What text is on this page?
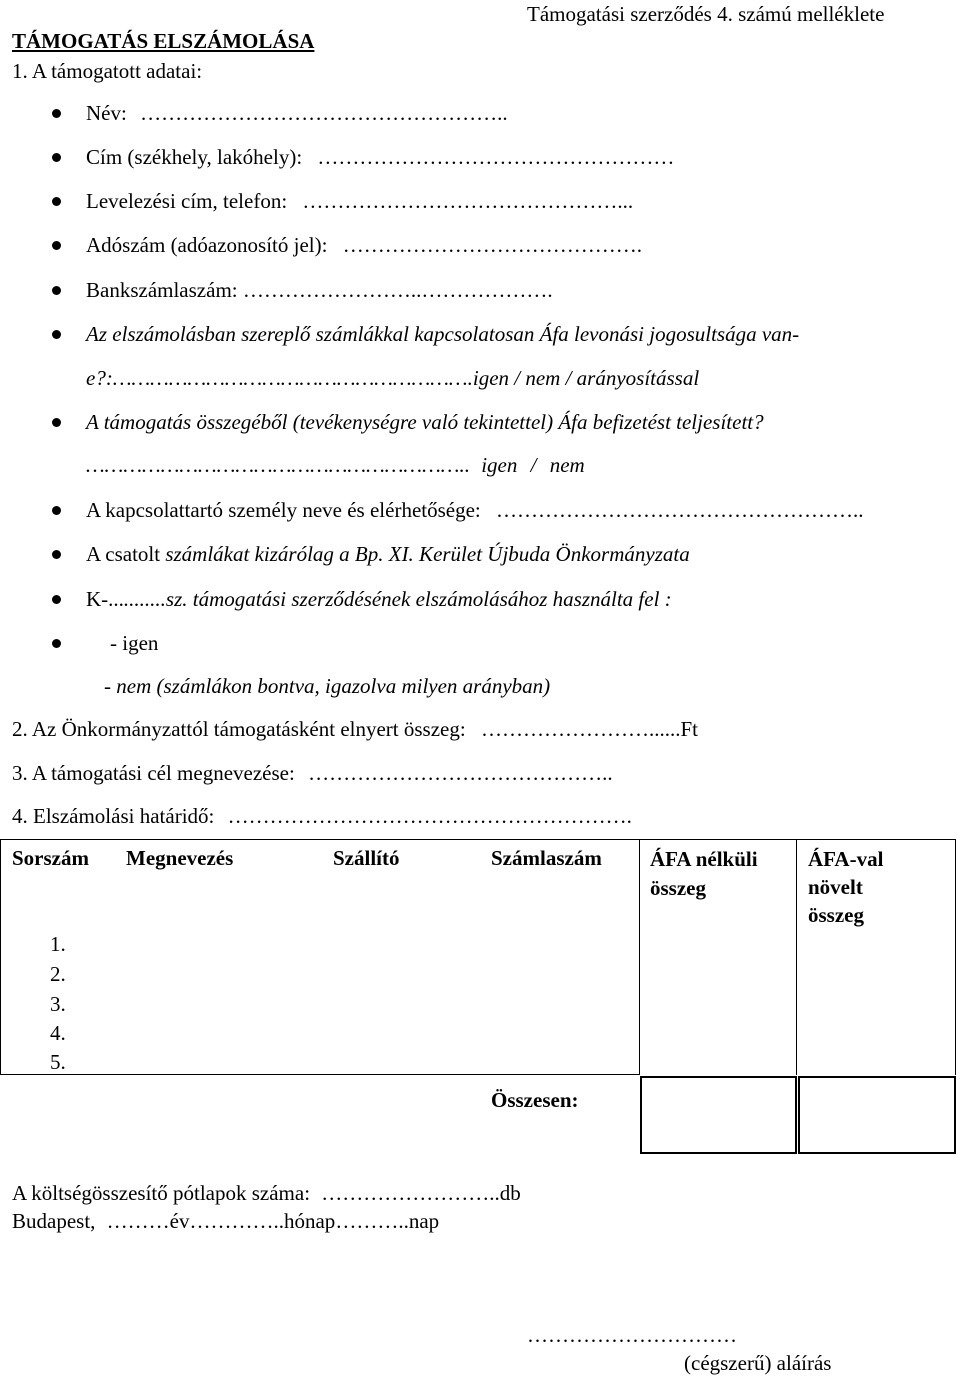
Támogatási szerződés 4. számú melléklete
TÁMOGATÁS ELSZÁMOLÁSA
1. A támogatott adatai:
Név: ……………………………………………..
Cím (székhely, lakóhely): ……………………………………………
Levelezési cím, telefon: ………………………………………...
Adószám (adóazonosító jel): …………………………………….
Bankszámlaszám: ……………………..……………….
Az elszámolásban szereplő számlákkal kapcsolatosan Áfa levonási jogosultsága van-
e?:………………………………………………….igen / nem / arányosítással
A támogatás összegéből (tevékenységre való tekintettel) Áfa befizetést teljesített?
…………………………………………………….. igen / nem
A kapcsolattartó személy neve és elérhetősége: ……………………………………………..
A csatolt számlákat kizárólag a Bp. XI. Kerület Újbuda Önkormányzata
K-...........sz. támogatási szerződésének elszámolásához használta fel :
- igen
- nem (számlákon bontva, igazolva milyen arányban)
2. Az Önkormányzattól támogatásként elnyert összeg: ……………………......Ft
3. A támogatási cél megnevezése: ……………………………………..
4. Elszámolási határidő: ………………………………………………….
Sorszám Megnevezés	Szállító	Számlaszám ÁFA nélküli összeg
ÁFA-val növelt összeg
1.
2.
3.
4.
5.
Összesen:
A költségösszesítő pótlapok száma: ……………………..db
Budapest, ………év…………..hónap………..nap
…………………………
(cégszerű) aláírás
